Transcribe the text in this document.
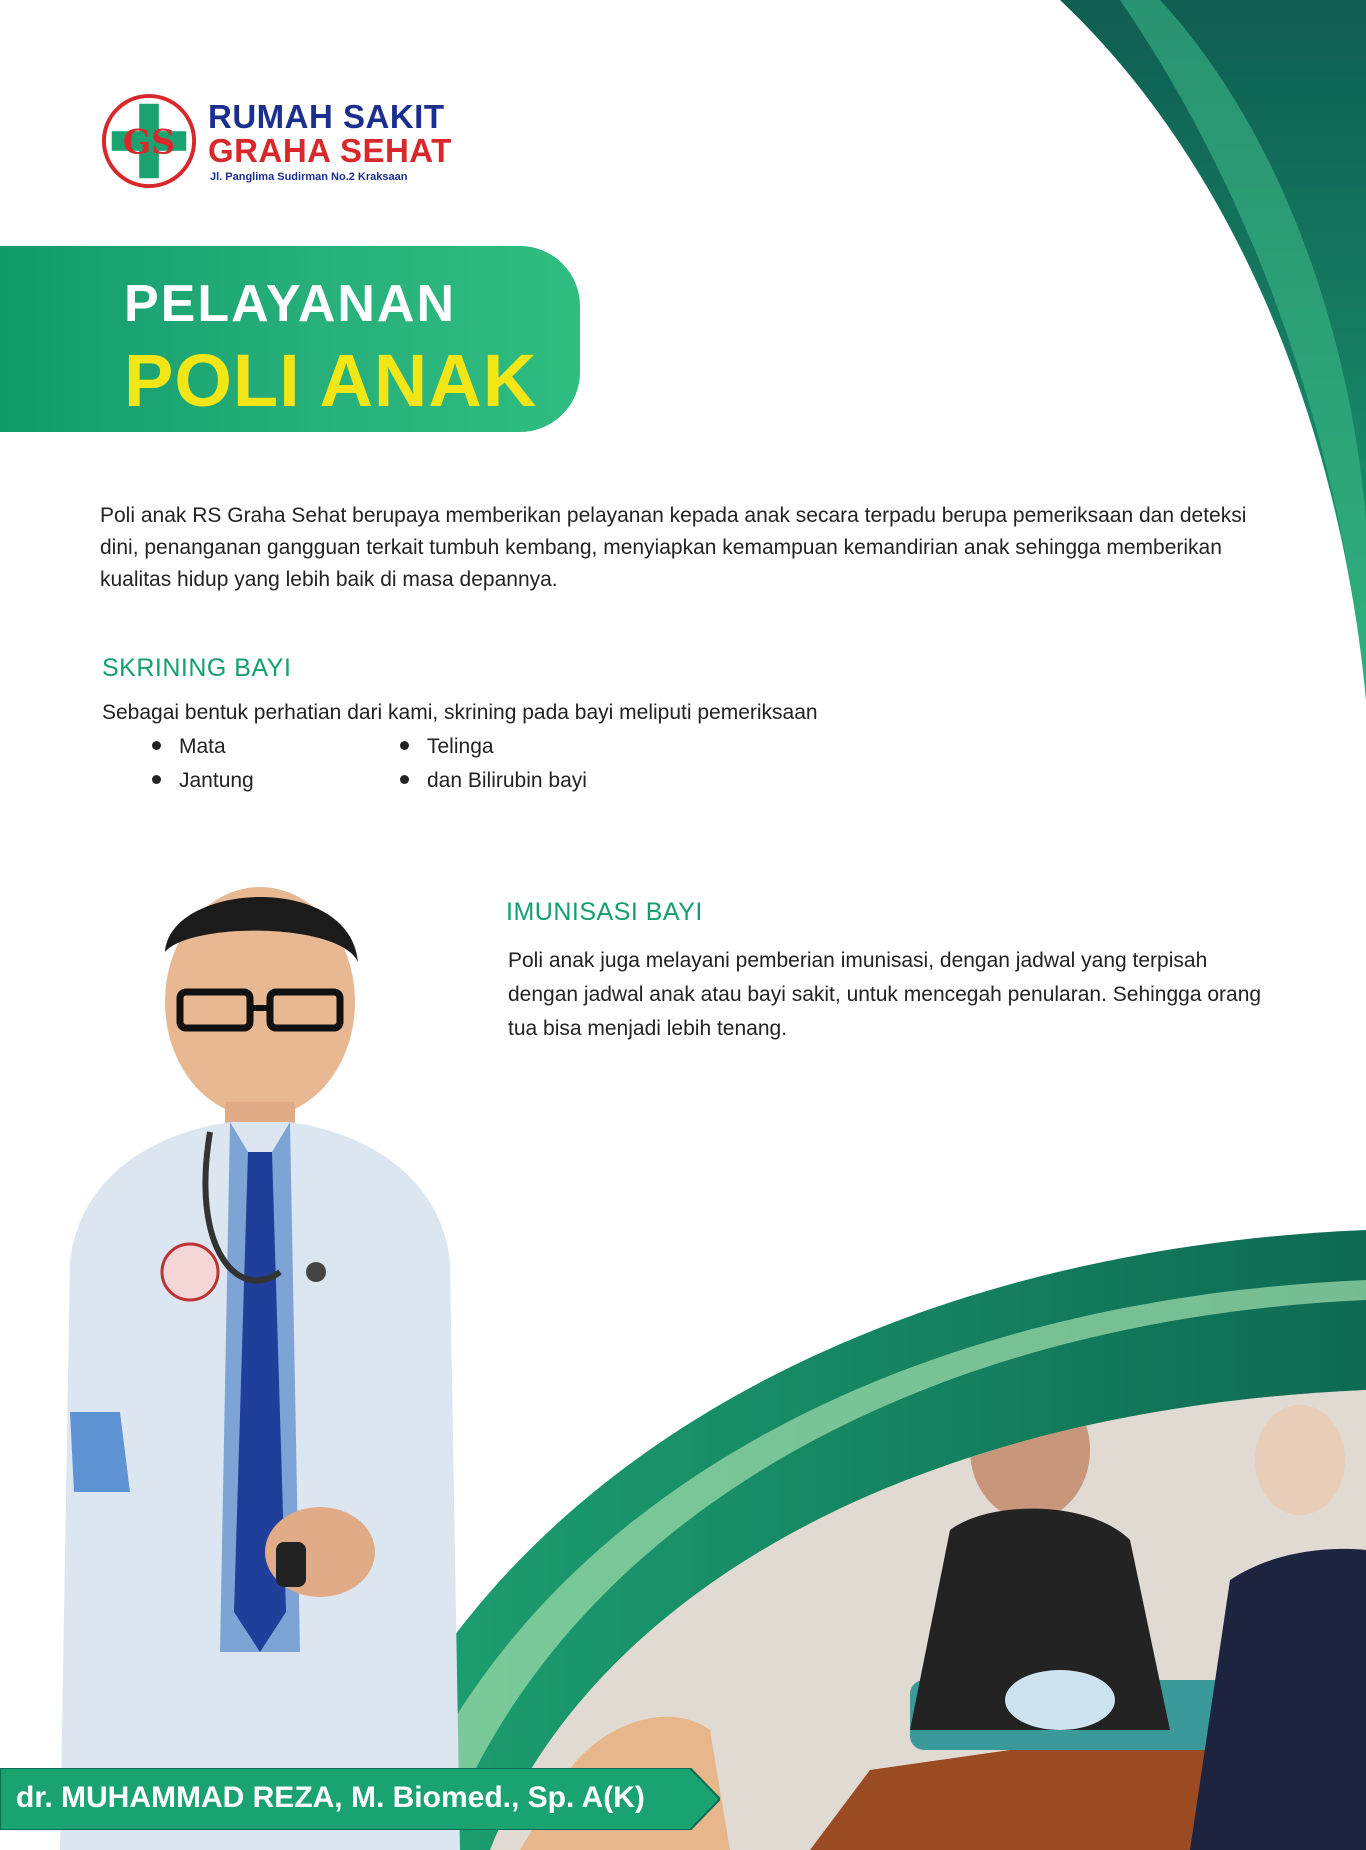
GS
RUMAH SAKIT
GRAHA SEHAT
Jl. Panglima Sudirman No.2 Kraksaan
PELAYANAN
POLI ANAK
Poli anak RS Graha Sehat berupaya memberikan pelayanan kepada anak secara terpadu berupa pemeriksaan dan deteksi dini, penanganan gangguan terkait tumbuh kembang, menyiapkan kemampuan kemandirian anak sehingga memberikan kualitas hidup yang lebih baik di masa depannya.
SKRINING BAYI
Sebagai bentuk perhatian dari kami, skrining pada bayi meliputi pemeriksaan
Mata
Jantung
Telinga
dan Bilirubin bayi
IMUNISASI BAYI
Poli anak juga melayani pemberian imunisasi, dengan jadwal yang terpisah dengan jadwal anak atau bayi sakit, untuk mencegah penularan. Sehingga orang tua bisa menjadi lebih tenang.
dr. MUHAMMAD REZA, M. Biomed., Sp. A(K)
